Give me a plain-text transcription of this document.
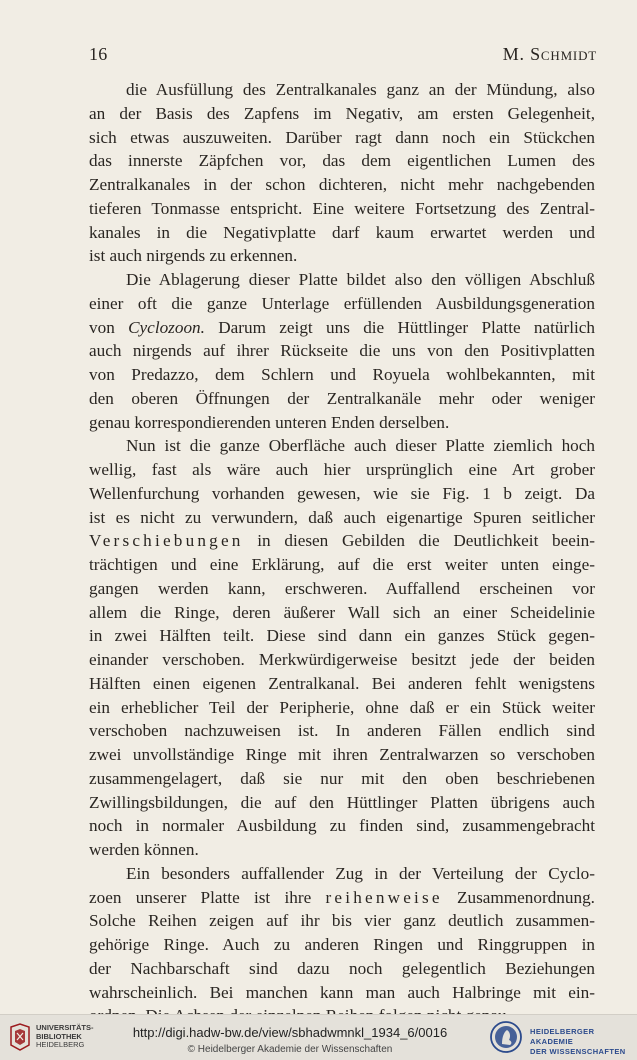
16	M. Schmidt
die Ausfüllung des Zentralkanales ganz an der Mündung, also
an der Basis des Zapfens im Negativ, am ersten Gelegenheit,
sich etwas auszuweiten. Darüber ragt dann noch ein Stückchen
das innerste Zäpfchen vor, das dem eigentlichen Lumen des
Zentralkanales in der schon dichteren, nicht mehr nachgebenden
tieferen Tonmasse entspricht. Eine weitere Fortsetzung des Zentral-
kanales in die Negativplatte darf kaum erwartet werden und
ist auch nirgends zu erkennen.
Die Ablagerung dieser Platte bildet also den völligen Abschluß
einer oft die ganze Unterlage erfüllenden Ausbildungsgeneration
von Cyclozoon. Darum zeigt uns die Hüttlinger Platte natürlich
auch nirgends auf ihrer Rückseite die uns von den Positivplatten
von Predazzo, dem Schlern und Royuela wohlbekannten, mit
den oberen Öffnungen der Zentralkanäle mehr oder weniger
genau korrespondierenden unteren Enden derselben.
Nun ist die ganze Oberfläche auch dieser Platte ziemlich hoch
wellig, fast als wäre auch hier ursprünglich eine Art grober
Wellenfurchung vorhanden gewesen, wie sie Fig. 1 b zeigt. Da
ist es nicht zu verwundern, daß auch eigenartige Spuren seitlicher
Verschiebungen in diesen Gebilden die Deutlichkeit beein-
trächtigen und eine Erklärung, auf die erst weiter unten einge-
gangen werden kann, erschweren. Auffallend erscheinen vor
allem die Ringe, deren äußerer Wall sich an einer Scheidelinie
in zwei Hälften teilt. Diese sind dann ein ganzes Stück gegen-
einander verschoben. Merkwürdigerweise besitzt jede der beiden
Hälften einen eigenen Zentralkanal. Bei anderen fehlt wenigstens
ein erheblicher Teil der Peripherie, ohne daß er ein Stück weiter
verschoben nachzuweisen ist. In anderen Fällen endlich sind
zwei unvollständige Ringe mit ihren Zentralwarzen so verschoben
zusammengelagert, daß sie nur mit den oben beschriebenen
Zwillingsbildungen, die auf den Hüttlinger Platten übrigens auch
noch in normaler Ausbildung zu finden sind, zusammengebracht
werden können.
Ein besonders auffallender Zug in der Verteilung der Cyclo-
zoen unserer Platte ist ihre reihenweise Zusammenordnung.
Solche Reihen zeigen auf ihr bis vier ganz deutlich zusammen-
gehörige Ringe. Auch zu anderen Ringen und Ringgruppen in
der Nachbarschaft sind dazu noch gelegentlich Beziehungen
wahrscheinlich. Bei manchen kann man auch Halbringe mit ein-
UNIVERSITÄTS-
BIBLIOTHEK
HEIDELBERG
http://digi.hadw-bw.de/view/sbhadwmnkl_1934_6/0016
© Heidelberger Akademie der Wissenschaften
HEIDELBERGER AKADEMIE
DER WISSENSCHAFTEN
